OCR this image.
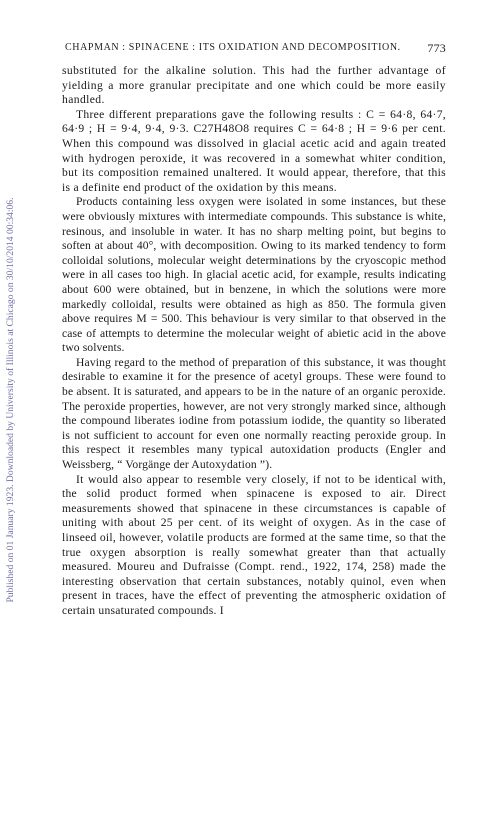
Published on 01 January 1923. Downloaded by University of Illinois at Chicago on 30/10/2014 00:34:06.
CHAPMAN : SPINACENE : ITS OXIDATION AND DECOMPOSITION. 773

substituted for the alkaline solution. This had the further advantage of yielding a more granular precipitate and one which could be more easily handled.

Three different preparations gave the following results : C = 64·8, 64·7, 64·9 ; H = 9·4, 9·4, 9·3. C27H48O8 requires C = 64·8 ; H = 9·6 per cent. When this compound was dissolved in glacial acetic acid and again treated with hydrogen peroxide, it was recovered in a somewhat whiter condition, but its composition remained unaltered. It would appear, therefore, that this is a definite end product of the oxidation by this means.

Products containing less oxygen were isolated in some instances, but these were obviously mixtures with intermediate compounds. This substance is white, resinous, and insoluble in water. It has no sharp melting point, but begins to soften at about 40°, with decomposition. Owing to its marked tendency to form colloidal solutions, molecular weight determinations by the cryoscopic method were in all cases too high. In glacial acetic acid, for example, results indicating about 600 were obtained, but in benzene, in which the solutions were more markedly colloidal, results were obtained as high as 850. The formula given above requires M = 500. This behaviour is very similar to that observed in the case of attempts to determine the molecular weight of abietic acid in the above two solvents.

Having regard to the method of preparation of this substance, it was thought desirable to examine it for the presence of acetyl groups. These were found to be absent. It is saturated, and appears to be in the nature of an organic peroxide. The peroxide properties, however, are not very strongly marked since, although the compound liberates iodine from potassium iodide, the quantity so liberated is not sufficient to account for even one normally reacting peroxide group. In this respect it resembles many typical autoxidation products (Engler and Weissberg, “ Vorgänge der Autoxydation ”).

It would also appear to resemble very closely, if not to be identical with, the solid product formed when spinacene is exposed to air. Direct measurements showed that spinacene in these circumstances is capable of uniting with about 25 per cent. of its weight of oxygen. As in the case of linseed oil, however, volatile products are formed at the same time, so that the true oxygen absorption is really somewhat greater than that actually measured. Moureu and Dufraisse (Compt. rend., 1922, 174, 258) made the interesting observation that certain substances, notably quinol, even when present in traces, have the effect of preventing the atmospheric oxidation of certain unsaturated compounds. I
